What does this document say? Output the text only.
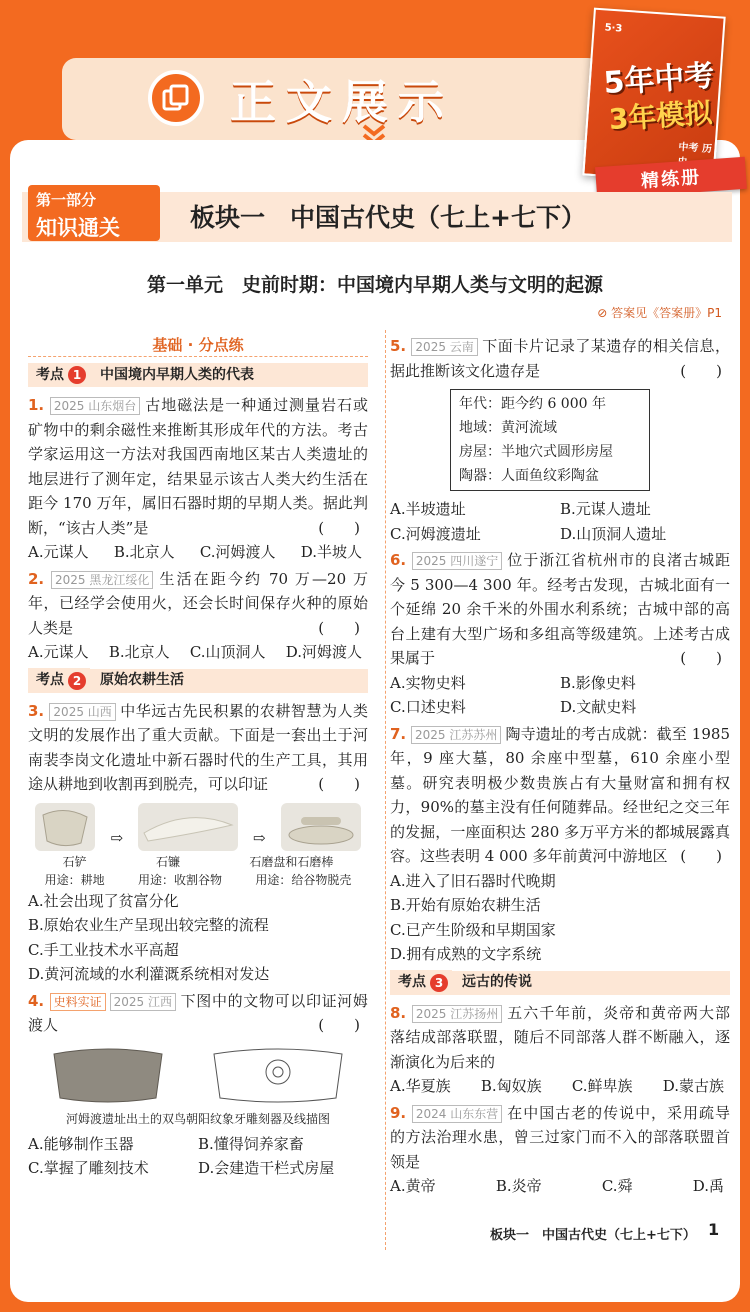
正文展示
5·3
5年中考
3年模拟
中考 历史
精练册
第一部分
知识通关	板块一　中国古代史（七上+七下）
第一单元　史前时期：中国境内早期人类与文明的起源
⊘ 答案见《答案册》P1
基础 · 分点练
考点 1	中国境内早期人类的代表
1. 2025 山东烟台 古地磁法是一种通过测量岩石或矿物中的剩余磁性来推断其形成年代的方法。考古学家运用这一方法对我国西南地区某古人类遗址的地层进行了测年定，结果显示该古人类大约生活在距今 170 万年，属旧石器时期的早期人类。据此判断，“该古人类”是	(　　)
A.元谋人 B.北京人 C.河姆渡人 D.半坡人
2. 2025 黑龙江绥化 生活在距今约 70 万—20 万年，已经学会使用火，还会长时间保存火种的原始人类是	(　　)
A.元谋人 B.北京人 C.山顶洞人 D.河姆渡人
考点 2	原始农耕生活
3. 2025 山西 中华远古先民积累的农耕智慧为人类文明的发展作出了重大贡献。下面是一套出土于河南裴李岗文化遗址中新石器时代的生产工具，其用途从耕地到收割再到脱壳，可以印证	(　　)
⇨	⇨
石铲	石镰	石磨盘和石磨棒
用途：耕地	用途：收割谷物	用途：给谷物脱壳
A.社会出现了贫富分化
B.原始农业生产呈现出较完整的流程
C.手工业技术水平高超
D.黄河流域的水利灌溉系统相对发达
4. 史料实证 2025 江西 下图中的文物可以印证河姆渡人	(　　)
河姆渡遗址出土的双鸟朝阳纹象牙雕刻器及线描图
A.能够制作玉器	B.懂得饲养家畜
C.掌握了雕刻技术	D.会建造干栏式房屋
5. 2025 云南 下面卡片记录了某遗存的相关信息，据此推断该文化遗存是	(　　)
年代：距今约 6 000 年
地域：黄河流域
房屋：半地穴式圆形房屋
陶器：人面鱼纹彩陶盆
A.半坡遗址	B.元谋人遗址
C.河姆渡遗址	D.山顶洞人遗址
6. 2025 四川遂宁 位于浙江省杭州市的良渚古城距今 5 300—4 300 年。经考古发现，古城北面有一个延绵 20 余千米的外围水利系统；古城中部的高台上建有大型广场和多组高等级建筑。上述考古成果属于	(　　)
A.实物史料	B.影像史料
C.口述史料	D.文献史料
7. 2025 江苏苏州 陶寺遗址的考古成就：截至 1985 年，9 座大墓，80 余座中型墓，610 余座小型墓。研究表明极少数贵族占有大量财富和拥有权力，90%的墓主没有任何随葬品。经世纪之交三年的发掘，一座面积达 280 多万平方米的都城展露真容。这些表明 4 000 多年前黄河中游地区 (　　)
A.进入了旧石器时代晚期
B.开始有原始农耕生活
C.已产生阶级和早期国家
D.拥有成熟的文字系统
考点 3	远古的传说
8. 2025 江苏扬州 五六千年前，炎帝和黄帝两大部落结成部落联盟，随后不同部落人群不断融入，逐渐演化为后来的
A.华夏族 B.匈奴族 C.鲜卑族 D.蒙古族
9. 2024 山东东营 在中国古老的传说中，采用疏导的方法治理水患，曾三过家门而不入的部落联盟首领是
A.黄帝	B.炎帝	C.舜	D.禹
板块一　中国古代史（七上+七下） 1
